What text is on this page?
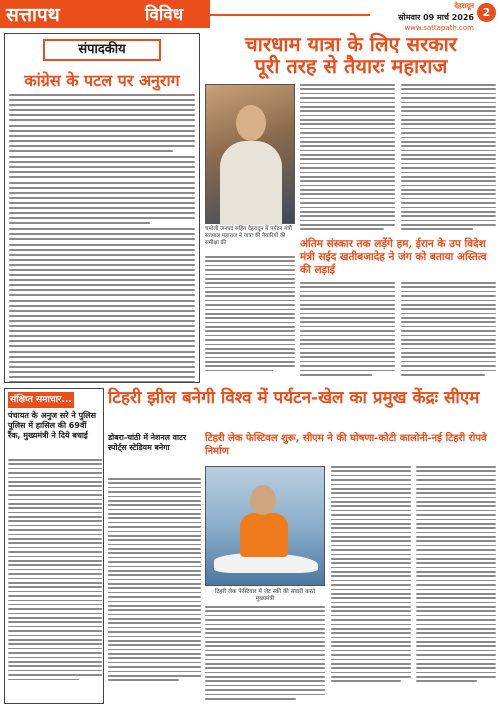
सत्तापथ	विविध	देहरादून
सोमवार 09 मार्च 2026
www.sattapath.com
2
संपादकीय
कांग्रेस के पटल पर अनुराग
संक्षिप्त समाचार...
पंचायत के अनुज सरे ने पुलिस पुलिस में हासिल की 69वीं रैंक, मुख्यमंत्री ने दिये बधाई
चारधाम यात्रा के लिए सरकार
पूरी तरह से तैयारः महाराज
चमोली जनपद सहित देहरादून में पर्यटन मंत्री सतपाल महाराज ने यात्रा की तैयारियों की समीक्षा की	अंतिम संस्कार तक लड़ेंगे हम, ईरान के उप विदेश मंत्री सईद खतीबजादेह ने जंग को बताया अस्तित्व की लड़ाई
टिहरी झील बनेगी विश्व में पर्यटन-खेल का प्रमुख केंद्रः सीएम
टिहरी लेक फेस्टिवल शुरू, सीएम ने की घोषणा-कोटी कालोनी-नई टिहरी रोपवे निर्माण
डोबरा-चांठी में नेशनल वाटर स्पोर्ट्स स्टेडियम बनेगा
टिहरी लेक फेस्टिवल में जेट स्की की सवारी करते मुख्यमंत्री
